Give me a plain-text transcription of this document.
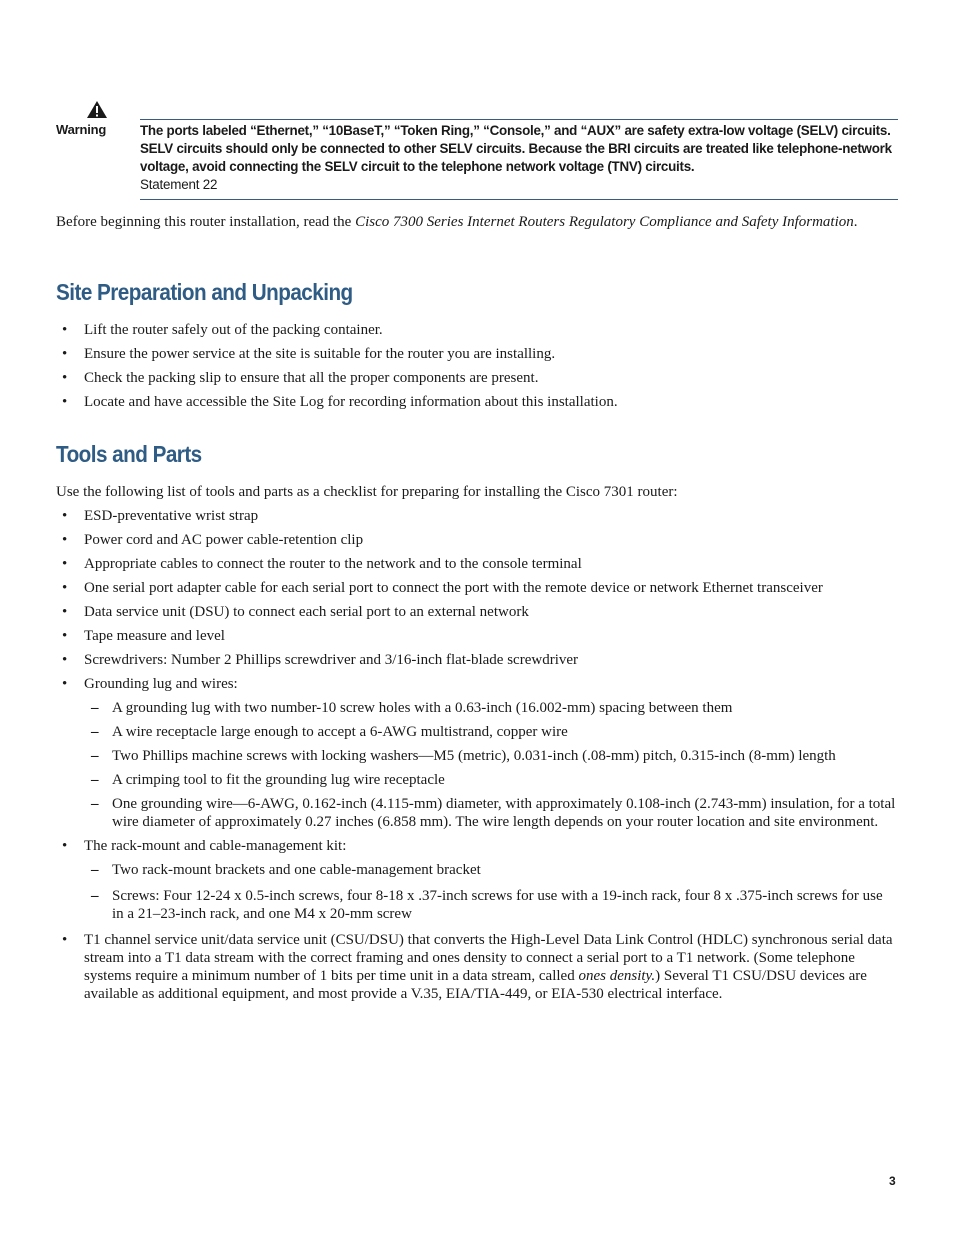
Warning	The ports labeled “Ethernet,” “10BaseT,” “Token Ring,” “Console,” and “AUX” are safety extra-low voltage (SELV) circuits. SELV circuits should only be connected to other SELV circuits. Because the BRI circuits are treated like telephone-network voltage, avoid connecting the SELV circuit to the telephone network voltage (TNV) circuits.

Statement 22

Before beginning this router installation, read the Cisco 7300 Series Internet Routers Regulatory Compliance and Safety Information.

Site Preparation and Unpacking
• Lift the router safely out of the packing container.
• Ensure the power service at the site is suitable for the router you are installing.
• Check the packing slip to ensure that all the proper components are present.
• Locate and have accessible the Site Log for recording information about this installation.
Tools and Parts

Use the following list of tools and parts as a checklist for preparing for installing the Cisco 7301 router:

• ESD-preventative wrist strap
• Power cord and AC power cable-retention clip
• Appropriate cables to connect the router to the network and to the console terminal
• One serial port adapter cable for each serial port to connect the port with the remote device or network Ethernet transceiver
• Data service unit (DSU) to connect each serial port to an external network
• Tape measure and level
• Screwdrivers: Number 2 Phillips screwdriver and 3/16-inch flat-blade screwdriver
• Grounding lug and wires:
– A grounding lug with two number-10 screw holes with a 0.63-inch (16.002-mm) spacing between them
– A wire receptacle large enough to accept a 6-AWG multistrand, copper wire
– Two Phillips machine screws with locking washers—M5 (metric), 0.031-inch (.08-mm) pitch, 0.315-inch (8-mm) length
– A crimping tool to fit the grounding lug wire receptacle
– One grounding wire—6-AWG, 0.162-inch (4.115-mm) diameter, with approximately 0.108-inch (2.743-mm) insulation, for a total wire diameter of approximately 0.27 inches (6.858 mm). The wire length depends on your router location and site environment.
• The rack-mount and cable-management kit:
– Two rack-mount brackets and one cable-management bracket
– Screws: Four 12-24 x 0.5-inch screws, four 8-18 x .37-inch screws for use with a 19-inch rack, four 8 x .375-inch screws for use in a 21–23-inch rack, and one M4 x 20-mm screw
• T1 channel service unit/data service unit (CSU/DSU) that converts the High-Level Data Link Control (HDLC) synchronous serial data stream into a T1 data stream with the correct framing and ones density to connect a serial port to a T1 network. (Some telephone systems require a minimum number of 1 bits per time unit in a data stream, called ones density.) Several T1 CSU/DSU devices are available as additional equipment, and most provide a V.35, EIA/TIA-449, or EIA-530 electrical interface.
3
